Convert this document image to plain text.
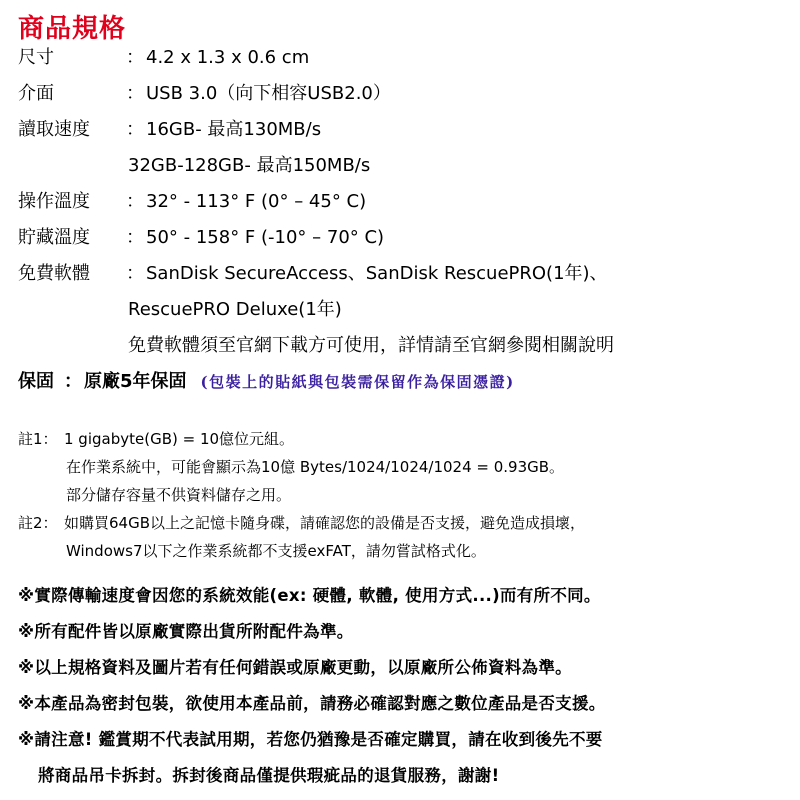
商品規格
尺寸	： 4.2 x 1.3 x 0.6 cm
介面	： USB 3.0（向下相容USB2.0）
讀取速度	： 16GB- 最高130MB/s
32GB-128GB- 最高150MB/s
操作溫度	： 32° - 113° F (0° – 45° C)
貯藏溫度	： 50° - 158° F (-10° – 70° C)
免費軟體	： SanDisk SecureAccess、SanDisk RescuePRO(1年)、
RescuePRO Deluxe(1年)
免費軟體須至官網下載方可使用，詳情請至官網參閱相關說明
保固 ： 原廠5年保固 (包裝上的貼紙與包裝需保留作為保固憑證)
註1： 1 gigabyte(GB) = 10億位元組。
在作業系統中，可能會顯示為10億 Bytes/1024/1024/1024 = 0.93GB。
部分儲存容量不供資料儲存之用。
註2： 如購買64GB以上之記憶卡隨身碟，請確認您的設備是否支援，避免造成損壞，
Windows7以下之作業系統都不支援exFAT，請勿嘗試格式化。
※實際傳輸速度會因您的系統效能(ex: 硬體, 軟體, 使用方式...)而有所不同。
※所有配件皆以原廠實際出貨所附配件為準。
※以上規格資料及圖片若有任何錯誤或原廠更動，以原廠所公佈資料為準。
※本產品為密封包裝，欲使用本產品前，請務必確認對應之數位產品是否支援。
※請注意! 鑑賞期不代表試用期，若您仍猶豫是否確定購買，請在收到後先不要
將商品吊卡拆封。拆封後商品僅提供瑕疵品的退貨服務，謝謝!
